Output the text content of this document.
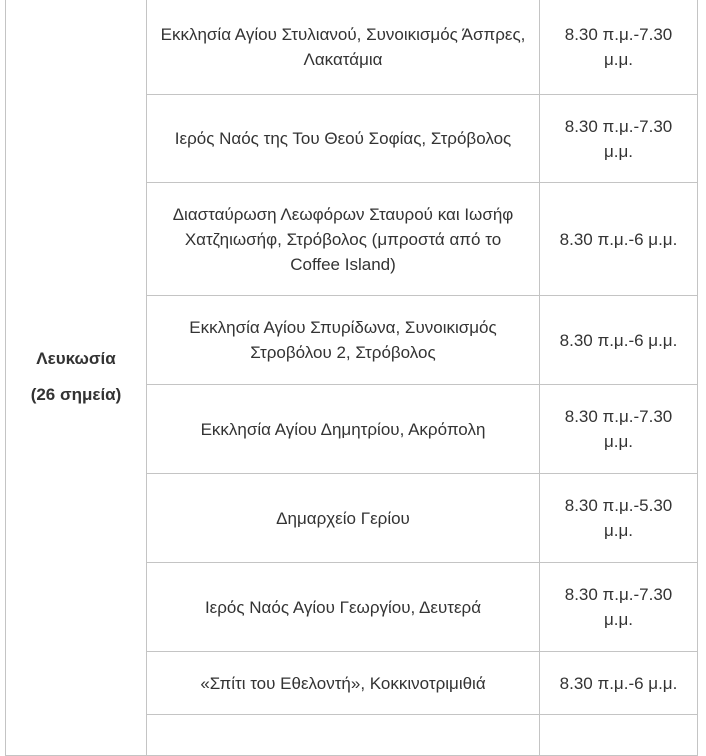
Λευκωσία
(26 σημεία)	Εκκλησία Αγίου Στυλιανού, Συνοικισμός Άσπρες, Λακατάμια	8.30 π.μ.-7.30 μ.μ.
	Ιερός Ναός της Του Θεού Σοφίας, Στρόβολος	8.30 π.μ.-7.30 μ.μ.
	Διασταύρωση Λεωφόρων Σταυρού και Ιωσήφ Χατζηιωσήφ, Στρόβολος (μπροστά από το Coffee Island)	8.30 π.μ.-6 μ.μ.
	Εκκλησία Αγίου Σπυρίδωνα, Συνοικισμός Στροβόλου 2, Στρόβολος	8.30 π.μ.-6 μ.μ.
	Εκκλησία Αγίου Δημητρίου, Ακρόπολη	8.30 π.μ.-7.30 μ.μ.
	Δημαρχείο Γερίου	8.30 π.μ.-5.30 μ.μ.
	Ιερός Ναός Αγίου Γεωργίου, Δευτερά	8.30 π.μ.-7.30 μ.μ.
	«Σπίτι του Εθελοντή», Κοκκινοτριμιθιά	8.30 π.μ.-6 μ.μ.
